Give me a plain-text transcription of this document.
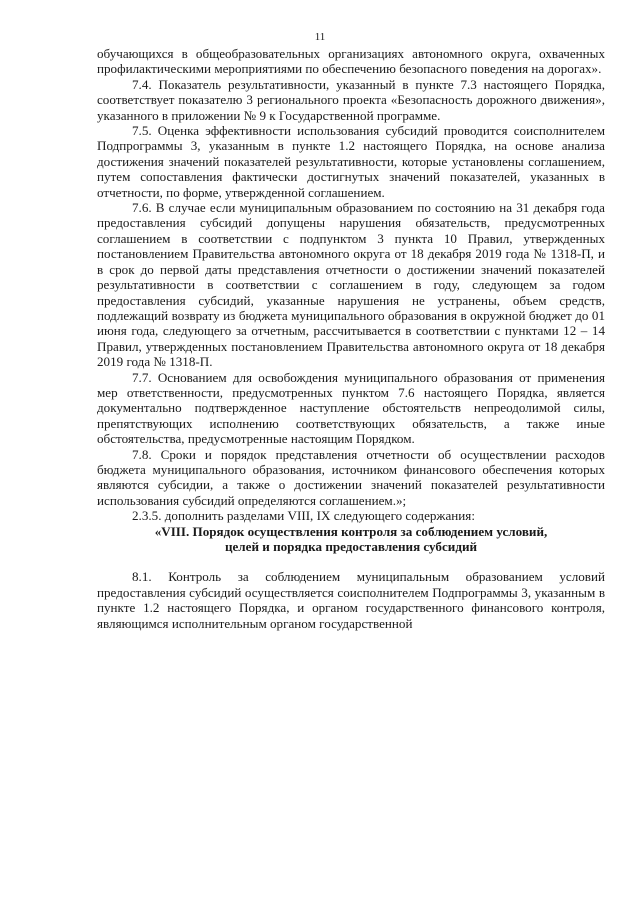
11

обучающихся в общеобразовательных организациях автономного округа, охваченных профилактическими мероприятиями по обеспечению безопасного поведения на дорогах».

7.4. Показатель результативности, указанный в пункте 7.3 настоящего Порядка, соответствует показателю 3 регионального проекта «Безопасность дорожного движения», указанного в приложении № 9 к Государственной программе.

7.5. Оценка эффективности использования субсидий проводится соисполнителем Подпрограммы 3, указанным в пункте 1.2 настоящего Порядка, на основе анализа достижения значений показателей результативности, которые установлены соглашением, путем сопоставления фактически достигнутых значений показателей, указанных в отчетности, по форме, утвержденной соглашением.

7.6. В случае если муниципальным образованием по состоянию на 31 декабря года предоставления субсидий допущены нарушения обязательств, предусмотренных соглашением в соответствии с подпунктом 3 пункта 10 Правил, утвержденных постановлением Правительства автономного округа от 18 декабря 2019 года № 1318-П, и в срок до первой даты представления отчетности о достижении значений показателей результативности в соответствии с соглашением в году, следующем за годом предоставления субсидий, указанные нарушения не устранены, объем средств, подлежащий возврату из бюджета муниципального образования в окружной бюджет до 01 июня года, следующего за отчетным, рассчитывается в соответствии с пунктами 12 – 14 Правил, утвержденных постановлением Правительства автономного округа от 18 декабря 2019 года № 1318-П.

7.7. Основанием для освобождения муниципального образования от применения мер ответственности, предусмотренных пунктом 7.6 настоящего Порядка, является документально подтвержденное наступление обстоятельств непреодолимой силы, препятствующих исполнению соответствующих обязательств, а также иные обстоятельства, предусмотренные настоящим Порядком.

7.8. Сроки и порядок представления отчетности об осуществлении расходов бюджета муниципального образования, источником финансового обеспечения которых являются субсидии, а также о достижении значений показателей результативности использования субсидий определяются соглашением.»;

2.3.5. дополнить разделами VIII, IX следующего содержания:

«VIII. Порядок осуществления контроля за соблюдением условий,
целей и порядка предоставления субсидий

8.1. Контроль за соблюдением муниципальным образованием условий предоставления субсидий осуществляется соисполнителем Подпрограммы 3, указанным в пункте 1.2 настоящего Порядка, и органом государственного финансового контроля, являющимся исполнительным органом государственной
